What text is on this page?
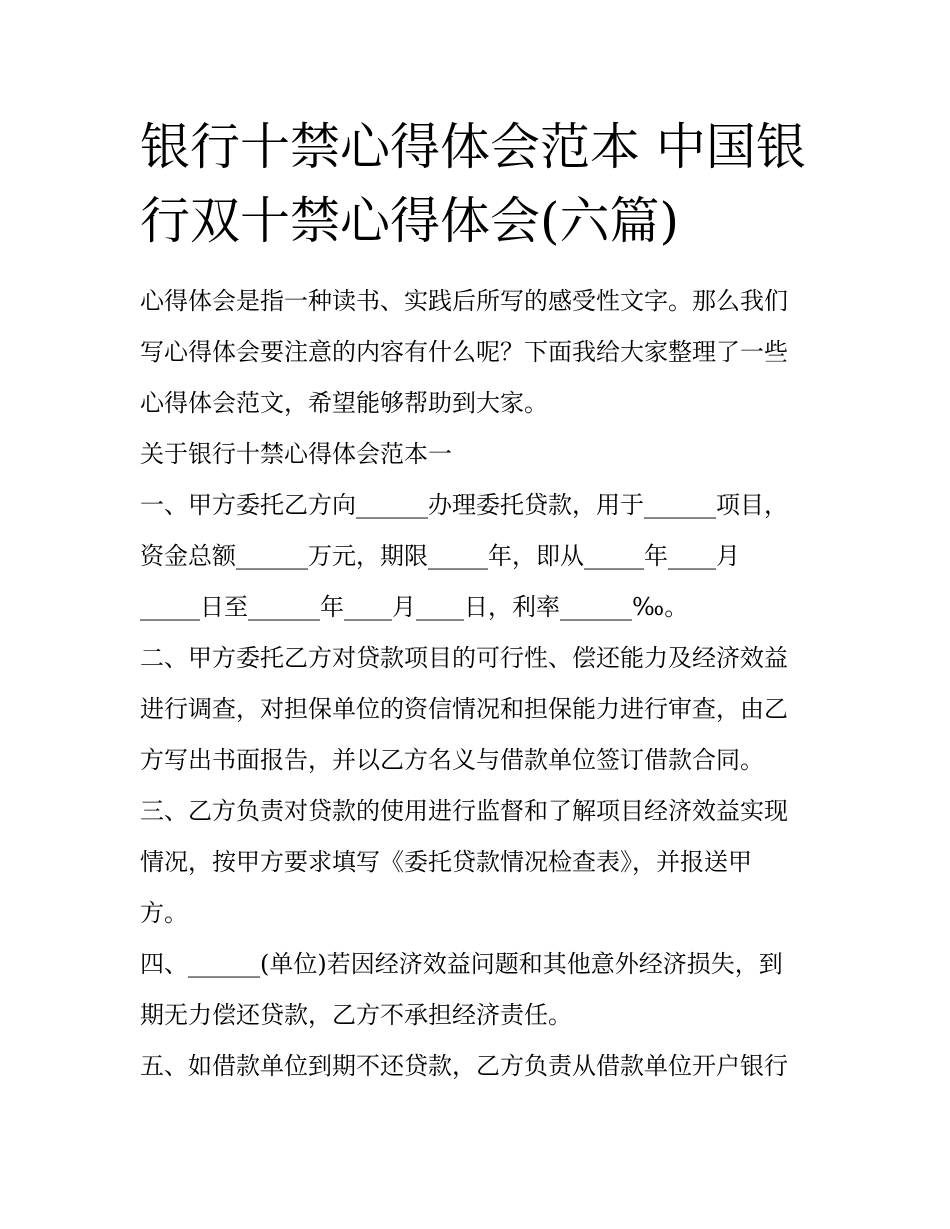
银行十禁心得体会范本 中国银
行双十禁心得体会(六篇)

心得体会是指一种读书、实践后所写的感受性文字。那么我们
写心得体会要注意的内容有什么呢？下面我给大家整理了一些
心得体会范文，希望能够帮助到大家。

关于银行十禁心得体会范本一

一、甲方委托乙方向______办理委托贷款，用于______项目，
资金总额______万元，期限_____年，即从_____年____月
_____日至______年____月____日，利率______‰。

二、甲方委托乙方对贷款项目的可行性、偿还能力及经济效益
进行调查，对担保单位的资信情况和担保能力进行审查，由乙
方写出书面报告，并以乙方名义与借款单位签订借款合同。

三、乙方负责对贷款的使用进行监督和了解项目经济效益实现
情况，按甲方要求填写《委托贷款情况检查表》，并报送甲
方。

四、______(单位)若因经济效益问题和其他意外经济损失，到
期无力偿还贷款，乙方不承担经济责任。

五、如借款单位到期不还贷款，乙方负责从借款单位开户银行
